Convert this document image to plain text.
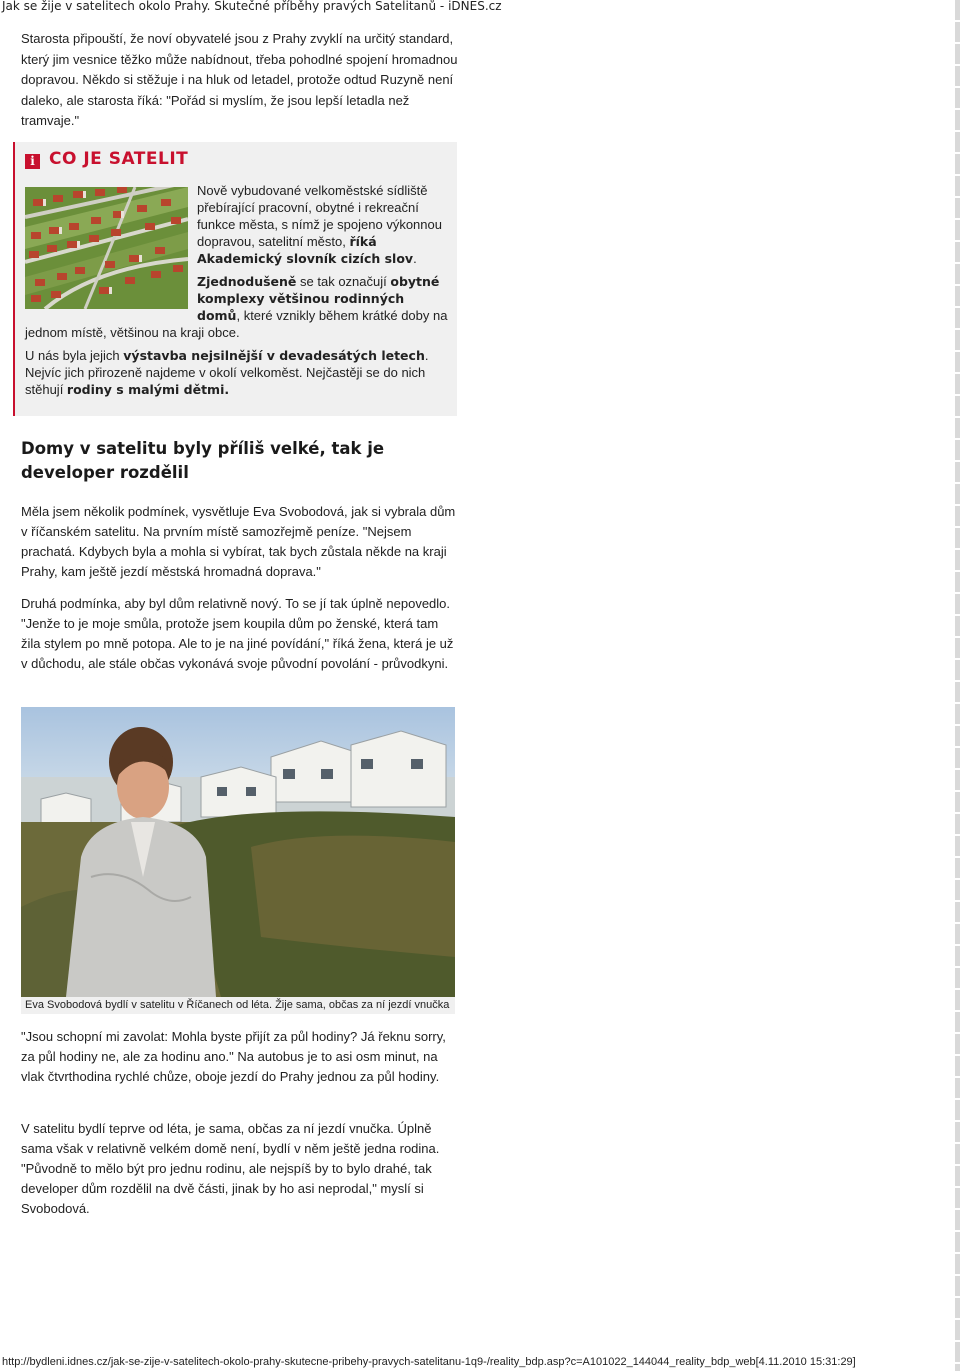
Jak se žije v satelitech okolo Prahy. Skutečné příběhy pravých Satelitanů - iDNES.cz

Starosta připouští, že noví obyvatelé jsou z Prahy zvyklí na určitý standard, který jim vesnice těžko může nabídnout, třeba pohodlné spojení hromadnou dopravou. Někdo si stěžuje i na hluk od letadel, protože odtud Ruzyně není daleko, ale starosta říká: "Pořád si myslím, že jsou lepší letadla než tramvaje."

i CO JE SATELIT

Nově vybudované velkoměstské sídliště přebírající pracovní, obytné i rekreační funkce města, s nímž je spojeno výkonnou dopravou, satelitní město, říká Akademický slovník cizích slov.

Zjednodušeně se tak označují obytné komplexy většinou rodinných domů, které vznikly během krátké doby na jednom místě, většinou na kraji obce.

U nás byla jejich výstavba nejsilnější v devadesátých letech. Nejvíc jich přirozeně najdeme v okolí velkoměst. Nejčastěji se do nich stěhují rodiny s malými dětmi.

Domy v satelitu byly příliš velké, tak je developer rozdělil

Měla jsem několik podmínek, vysvětluje Eva Svobodová, jak si vybrala dům v říčanském satelitu. Na prvním místě samozřejmě peníze. "Nejsem prachatá. Kdybych byla a mohla si vybírat, tak bych zůstala někde na kraji Prahy, kam ještě jezdí městská hromadná doprava."

Druhá podmínka, aby byl dům relativně nový. To se jí tak úplně nepovedlo. "Jenže to je moje smůla, protože jsem koupila dům po ženské, která tam žila stylem po mně potopa. Ale to je na jiné povídání," říká žena, která je už v důchodu, ale stále občas vykonává svoje původní povolání - průvodkyni.

Eva Svobodová bydlí v satelitu v Říčanech od léta. Žije sama, občas za ní jezdí vnučka

"Jsou schopní mi zavolat: Mohla byste přijít za půl hodiny? Já řeknu sorry, za půl hodiny ne, ale za hodinu ano." Na autobus je to asi osm minut, na vlak čtvrthodina rychlé chůze, oboje jezdí do Prahy jednou za půl hodiny.

V satelitu bydlí teprve od léta, je sama, občas za ní jezdí vnučka. Úplně sama však v relativně velkém domě není, bydlí v něm ještě jedna rodina. "Původně to mělo být pro jednu rodinu, ale nejspíš by to bylo drahé, tak developer dům rozdělil na dvě části, jinak by ho asi neprodal," myslí si Svobodová.

http://bydleni.idnes.cz/jak-se-zije-v-satelitech-okolo-prahy-skutecne-pribehy-pravych-satelitanu-1q9-/reality_bdp.asp?c=A101022_144044_reality_bdp_web[4.11.2010 15:31:29]
